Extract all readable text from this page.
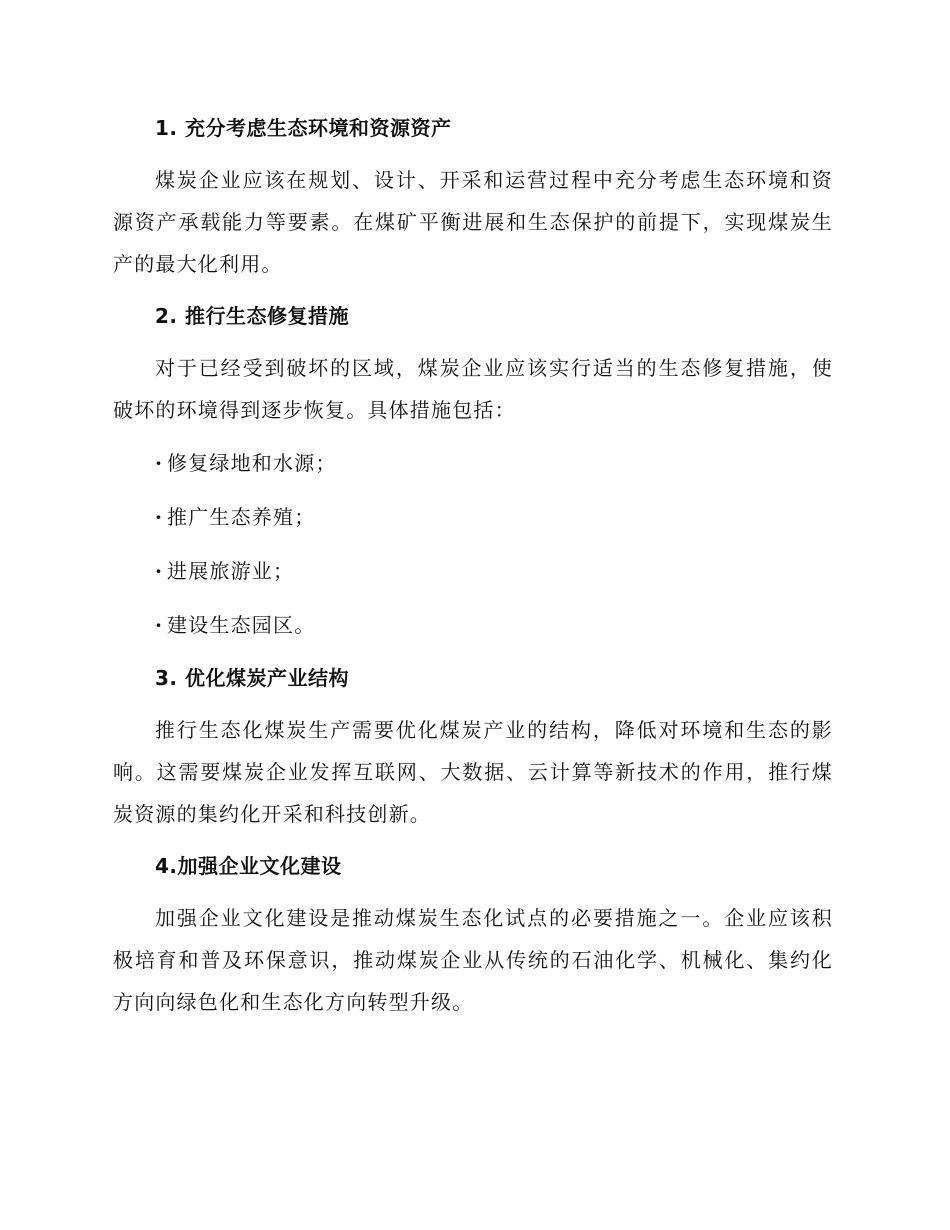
1. 充分考虑生态环境和资源资产
煤炭企业应该在规划、设计、开采和运营过程中充分考虑生态环境和资源资产承载能力等要素。在煤矿平衡进展和生态保护的前提下，实现煤炭生产的最大化利用。
2. 推行生态修复措施
对于已经受到破坏的区域，煤炭企业应该实行适当的生态修复措施，使破坏的环境得到逐步恢复。具体措施包括：
· 修复绿地和水源；
· 推广生态养殖；
· 进展旅游业；
· 建设生态园区。
3. 优化煤炭产业结构
推行生态化煤炭生产需要优化煤炭产业的结构，降低对环境和生态的影响。这需要煤炭企业发挥互联网、大数据、云计算等新技术的作用，推行煤炭资源的集约化开采和科技创新。
4.加强企业文化建设
加强企业文化建设是推动煤炭生态化试点的必要措施之一。企业应该积极培育和普及环保意识，推动煤炭企业从传统的石油化学、机械化、集约化方向向绿色化和生态化方向转型升级。
